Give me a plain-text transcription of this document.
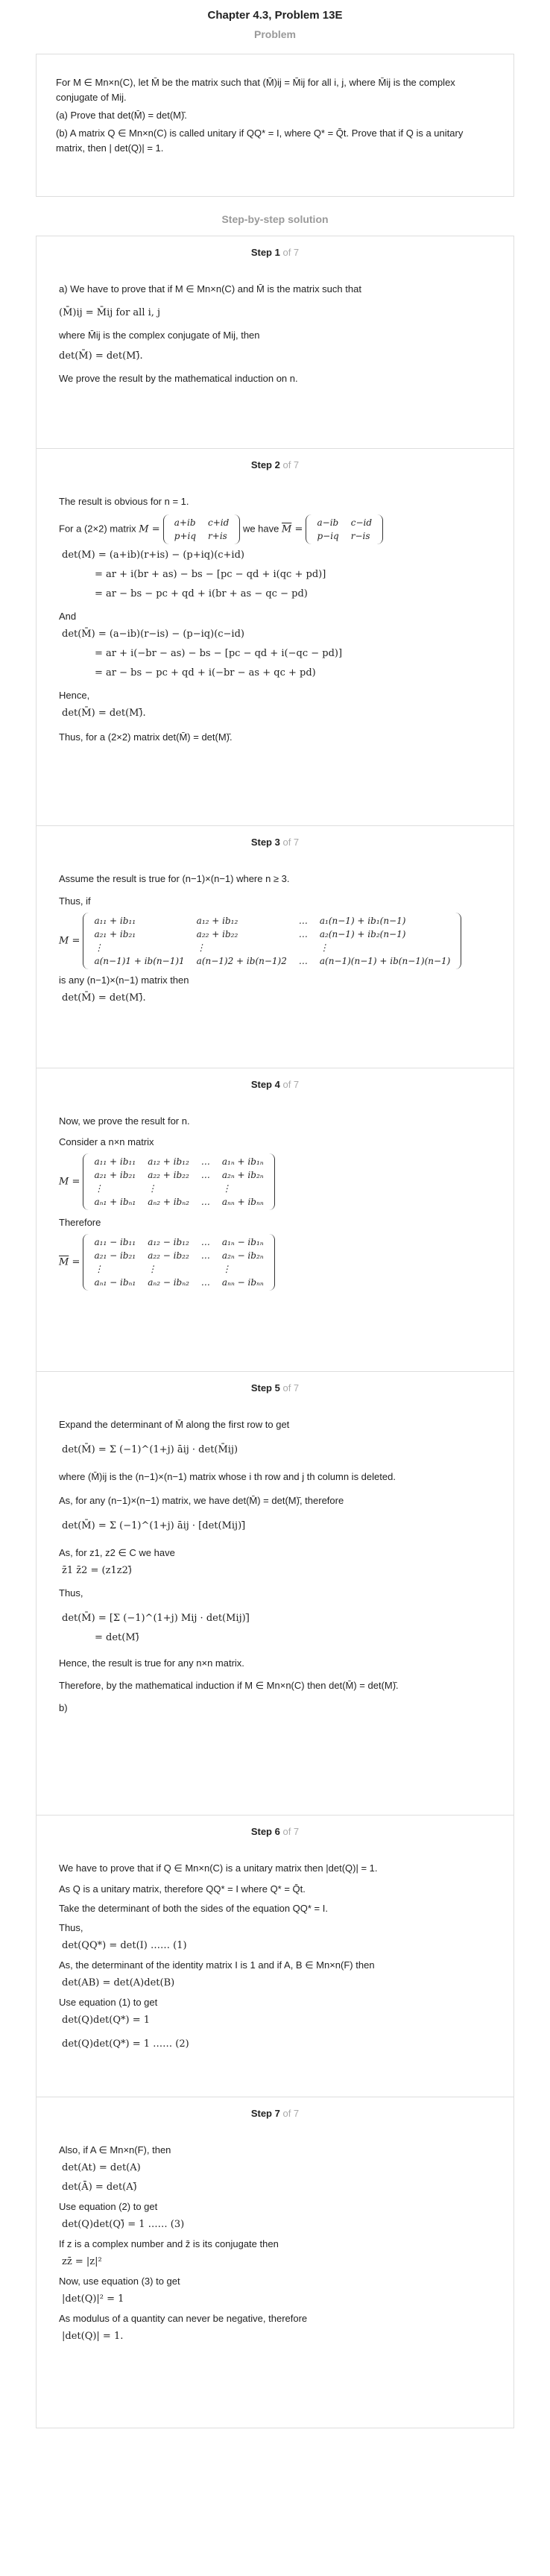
Chapter 4.3, Problem 13E
Problem

For M ∈ Mn×n(C), let M̄ be the matrix such that (M̄)ij = M̄ij for all i, j, where M̄ij is the complex conjugate of Mij.

(a) Prove that det(M̄) = det(M)̄.

(b) A matrix Q ∈ Mn×n(C) is called unitary if QQ* = I, where Q* = Q̄t. Prove that if Q is a unitary matrix, then | det(Q)| = 1.

Step-by-step solution
Step 1 of 7
a) We have to prove that if M ∈ Mn×n(C) and M̄ is the matrix such that
(M̄)ij = M̄ij for all i, j
where M̄ij is the complex conjugate of Mij, then
det(M̄) = det(M)̄.
We prove the result by the mathematical induction on n.
Step 2 of 7
The result is obvious for n = 1.
For a (2×2) matrix M =
a+ib	c+id
p+iq	r+is
we have M =
a−ib	c−id
p−iq	r−is
det(M) = (a+ib)(r+is) − (p+iq)(c+id)
= ar + i(br + as) − bs − [pc − qd + i(qc + pd)]
= ar − bs − pc + qd + i(br + as − qc − pd)
And
det(M̄) = (a−ib)(r−is) − (p−iq)(c−id)
= ar + i(−br − as) − bs − [pc − qd + i(−qc − pd)]
= ar − bs − pc + qd + i(−br − as + qc + pd)
Hence,
det(M̄) = det(M)̄.
Thus, for a (2×2) matrix det(M̄) = det(M)̄.
Step 3 of 7
Assume the result is true for (n−1)×(n−1) where n ≥ 3.
Thus, if
M =
a₁₁ + ib₁₁	a₁₂ + ib₁₂	…	a₁(n−1) + ib₁(n−1)
a₂₁ + ib₂₁	a₂₂ + ib₂₂	…	a₂(n−1) + ib₂(n−1)
⋮	⋮		⋮
a(n−1)1 + ib(n−1)1	a(n−1)2 + ib(n−1)2	…	a(n−1)(n−1) + ib(n−1)(n−1)
is any (n−1)×(n−1) matrix then
det(M̄) = det(M)̄.
Step 4 of 7
Now, we prove the result for n.
Consider a n×n matrix
M =
a₁₁ + ib₁₁	a₁₂ + ib₁₂	…	a₁ₙ + ib₁ₙ
a₂₁ + ib₂₁	a₂₂ + ib₂₂	…	a₂ₙ + ib₂ₙ
⋮	⋮		⋮
aₙ₁ + ibₙ₁	aₙ₂ + ibₙ₂	…	aₙₙ + ibₙₙ
Therefore
$\overline{M}$ =
a₁₁ − ib₁₁	a₁₂ − ib₁₂	…	a₁ₙ − ib₁ₙ
a₂₁ − ib₂₁	a₂₂ − ib₂₂	…	a₂ₙ − ib₂ₙ
⋮	⋮		⋮
aₙ₁ − ibₙ₁	aₙ₂ − ibₙ₂	…	aₙₙ − ibₙₙ
Step 5 of 7
Expand the determinant of M̄ along the first row to get
det(M̄) = Σ (−1)^(1+j) āij · det(M̄ij)
where (M̄)ij is the (n−1)×(n−1) matrix whose i th row and j th column is deleted.
As, for any (n−1)×(n−1) matrix, we have det(M̄) = det(M)̄, therefore
det(M̄) = Σ (−1)^(1+j) āij · [det(Mij)]̄
As, for z1, z2 ∈ C we have
z̄1 z̄2 = (z1z2)̄
Thus,
det(M̄) = [Σ (−1)^(1+j) Mij · det(Mij)]̄
= det(M)̄
Hence, the result is true for any n×n matrix.
Therefore, by the mathematical induction if M ∈ Mn×n(C) then det(M̄) = det(M)̄.
b)
Step 6 of 7
We have to prove that if Q ∈ Mn×n(C) is a unitary matrix then |det(Q)| = 1.
As Q is a unitary matrix, therefore QQ* = I where Q* = Q̄t.
Take the determinant of both the sides of the equation QQ* = I.
Thus,
det(QQ*) = det(I) …… (1)
As, the determinant of the identity matrix I is 1 and if A, B ∈ Mn×n(F) then
det(AB) = det(A)det(B)
Use equation (1) to get
det(Q)det(Q*) = 1
det(Q)det(Q*) = 1 …… (2)
Step 7 of 7
Also, if A ∈ Mn×n(F), then
det(At) = det(A)
det(Ā) = det(A)̄
Use equation (2) to get
det(Q)det(Q)̄ = 1 …… (3)
If z is a complex number and z̄ is its conjugate then
zz̄ = |z|²
Now, use equation (3) to get
|det(Q)|² = 1
As modulus of a quantity can never be negative, therefore
|det(Q)| = 1.
